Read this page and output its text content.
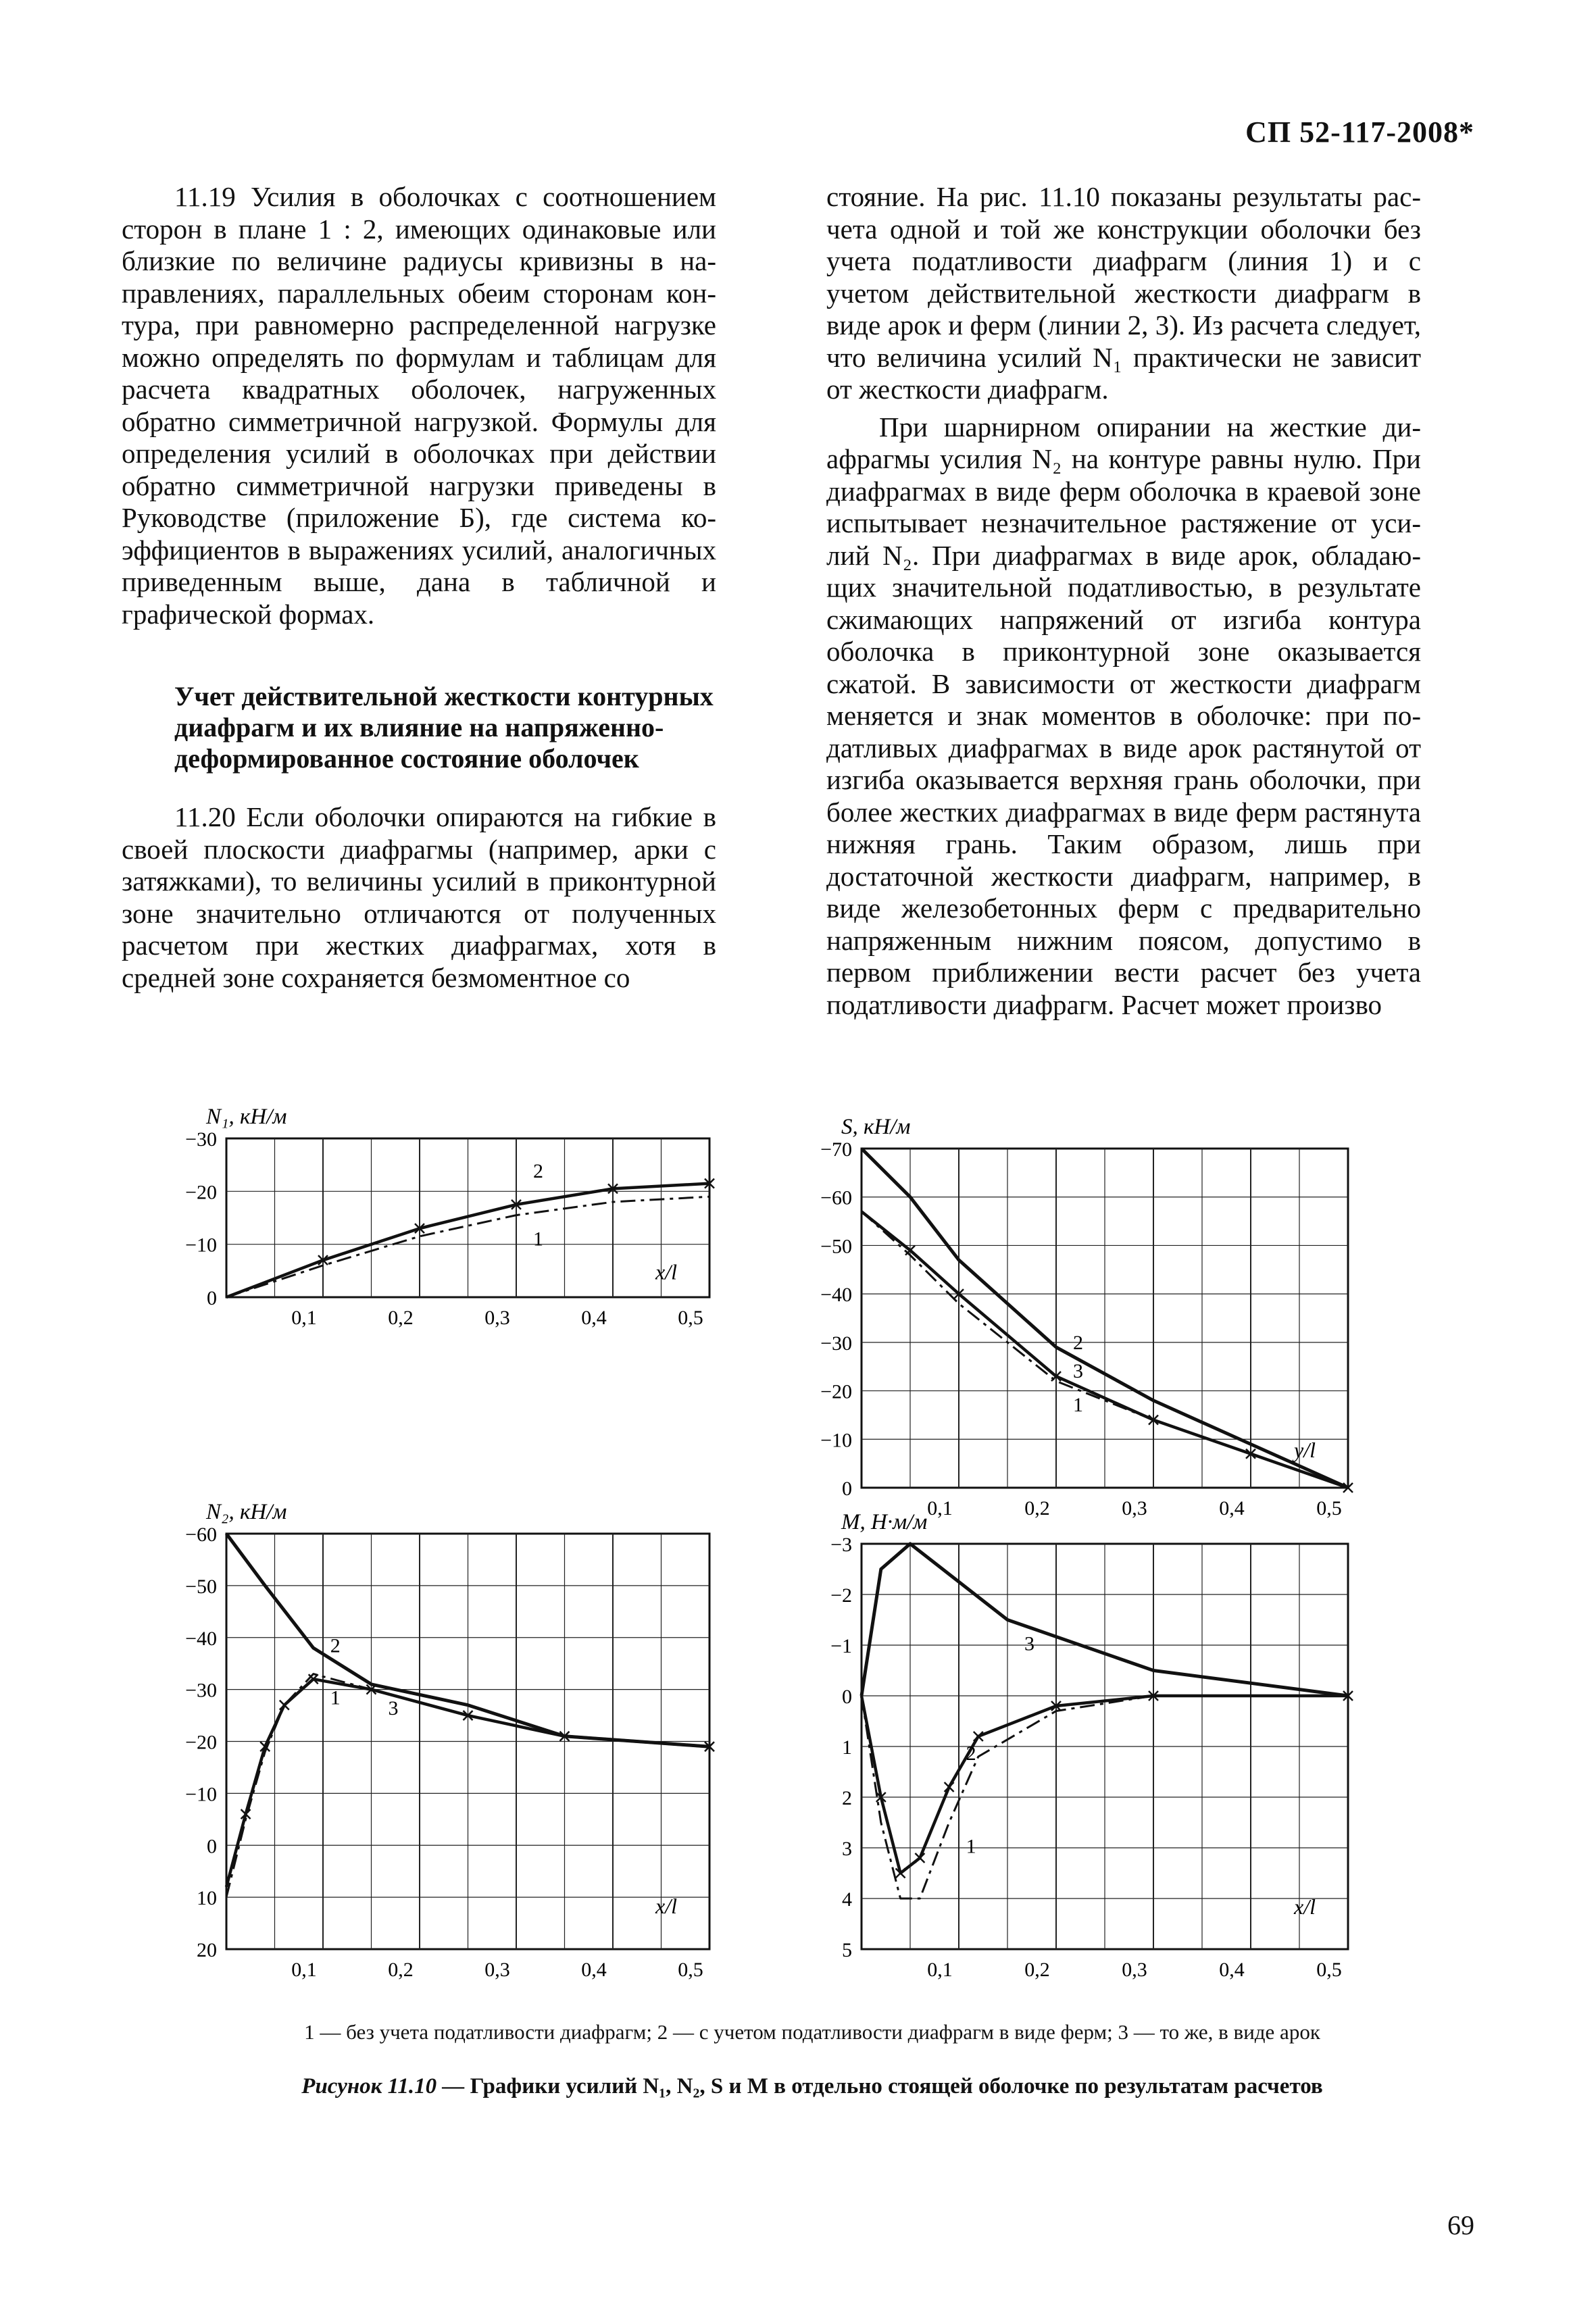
СП 52-117-2008*

11.19 Усилия в оболочках с соотношением сторон в плане 1 : 2, имеющих одинаковые или близкие по величине радиусы кривизны в направлениях, параллельных обеим сторонам контура, при равномерно распределенной нагрузке можно определять по формулам и таблицам для расчета квадратных оболочек, нагруженных обратно симметричной нагрузкой. Формулы для определения усилий в оболочках при действии обратно симметричной нагрузки приведены в Руководстве (приложение Б), где система коэффициентов в выражениях усилий, аналогичных приведенным выше, дана в табличной и графической формах.

Учет действительной жесткости контурных диафрагм и их влияние на напряженно-деформированное состояние оболочек

11.20 Если оболочки опираются на гибкие в своей плоскости диафрагмы (например, арки с затяжками), то величины усилий в приконтурной зоне значительно отличаются от полученных расчетом при жестких диафрагмах, хотя в средней зоне сохраняется безмоментное со

стояние. На рис. 11.10 показаны результаты расчета одной и той же конструкции оболочки без учета податливости диафрагм (линия 1) и с учетом действительной жесткости диафрагм в виде арок и ферм (линии 2, 3). Из расчета следует, что величина усилий N₁ практически не зависит от жесткости диафрагм.

При шарнирном опирании на жесткие диафрагмы усилия N₂ на контуре равны нулю. При диафрагмах в виде ферм оболочка в краевой зоне испытывает незначительное растяжение от усилий N₂. При диафрагмах в виде арок, обладающих значительной податливостью, в результате сжимающих напряжений от изгиба контура оболочка в приконтурной зоне оказывается сжатой. В зависимости от жесткости диафрагм меняется и знак моментов в оболочке: при податливых диафрагмах в виде арок растянутой от изгиба оказывается верхняя грань оболочки, при более жестких диафрагмах в виде ферм растянута нижняя грань. Таким образом, лишь при достаточной жесткости диафрагм, например, в виде железобетонных ферм с предварительно напряженным нижним поясом, допустимо в первом приближении вести расчет без учета податливости диафрагм. Расчет может произво

−30
−20
−10
0
0,1	0,2	0,3	0,4	0,5
N₁, кН/м
x/l
1
2
−70
−60
−50
−40
−30
−20
−10
0
0,1	0,2	0,3	0,4	0,5
S, кН/м
y/l
1
2
3
−60
−50
−40
−30
−20
−10
0
10
20
0,1	0,2	0,3	0,4	0,5
N₂, кН/м
x/l
1
2
3
−3
−2
−1
0
1
2
3
4
5
0,1	0,2	0,3	0,4	0,5
M, Н·м/м
x/l
1
2
3
1 — без учета податливости диафрагм; 2 — с учетом податливости диафрагм в виде ферм; 3 — то же, в виде арок
Рисунок 11.10 — Графики усилий N₁, N₂, S и M в отдельно стоящей оболочке по результатам расчетов
69
